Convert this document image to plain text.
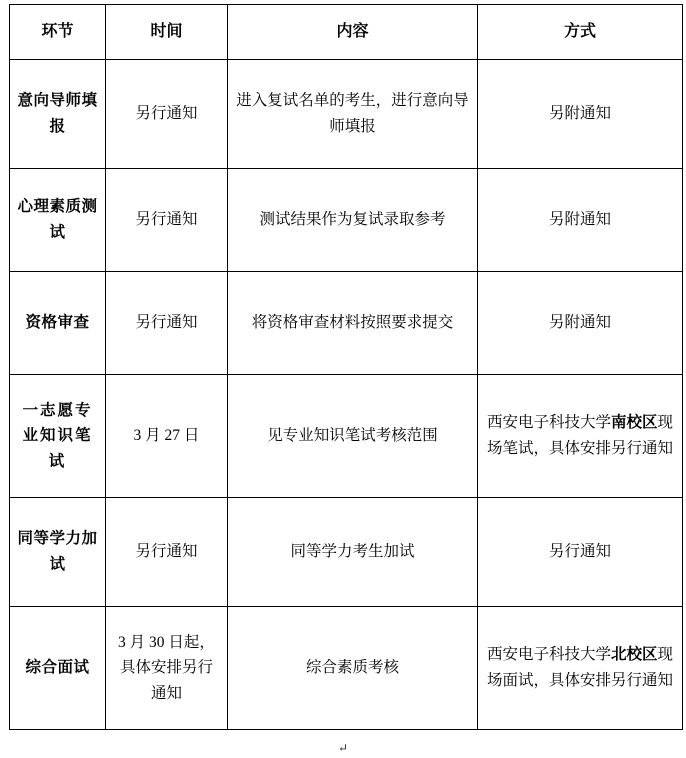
环节	时间	内容	方式
意向导师填报	另行通知	进入复试名单的考生，进行意向导师填报	另附通知
心理素质测试	另行通知	测试结果作为复试录取参考	另附通知
资格审查	另行通知	将资格审查材料按照要求提交	另附通知
一志愿专业知识笔试	3 月 27 日	见专业知识笔试考核范围	西安电子科技大学南校区现场笔试，具体安排另行通知
同等学力加试	另行通知	同等学力考生加试	另行通知
综合面试	3 月 30 日起，具体安排另行通知	综合素质考核	西安电子科技大学北校区现场面试，具体安排另行通知
↵
